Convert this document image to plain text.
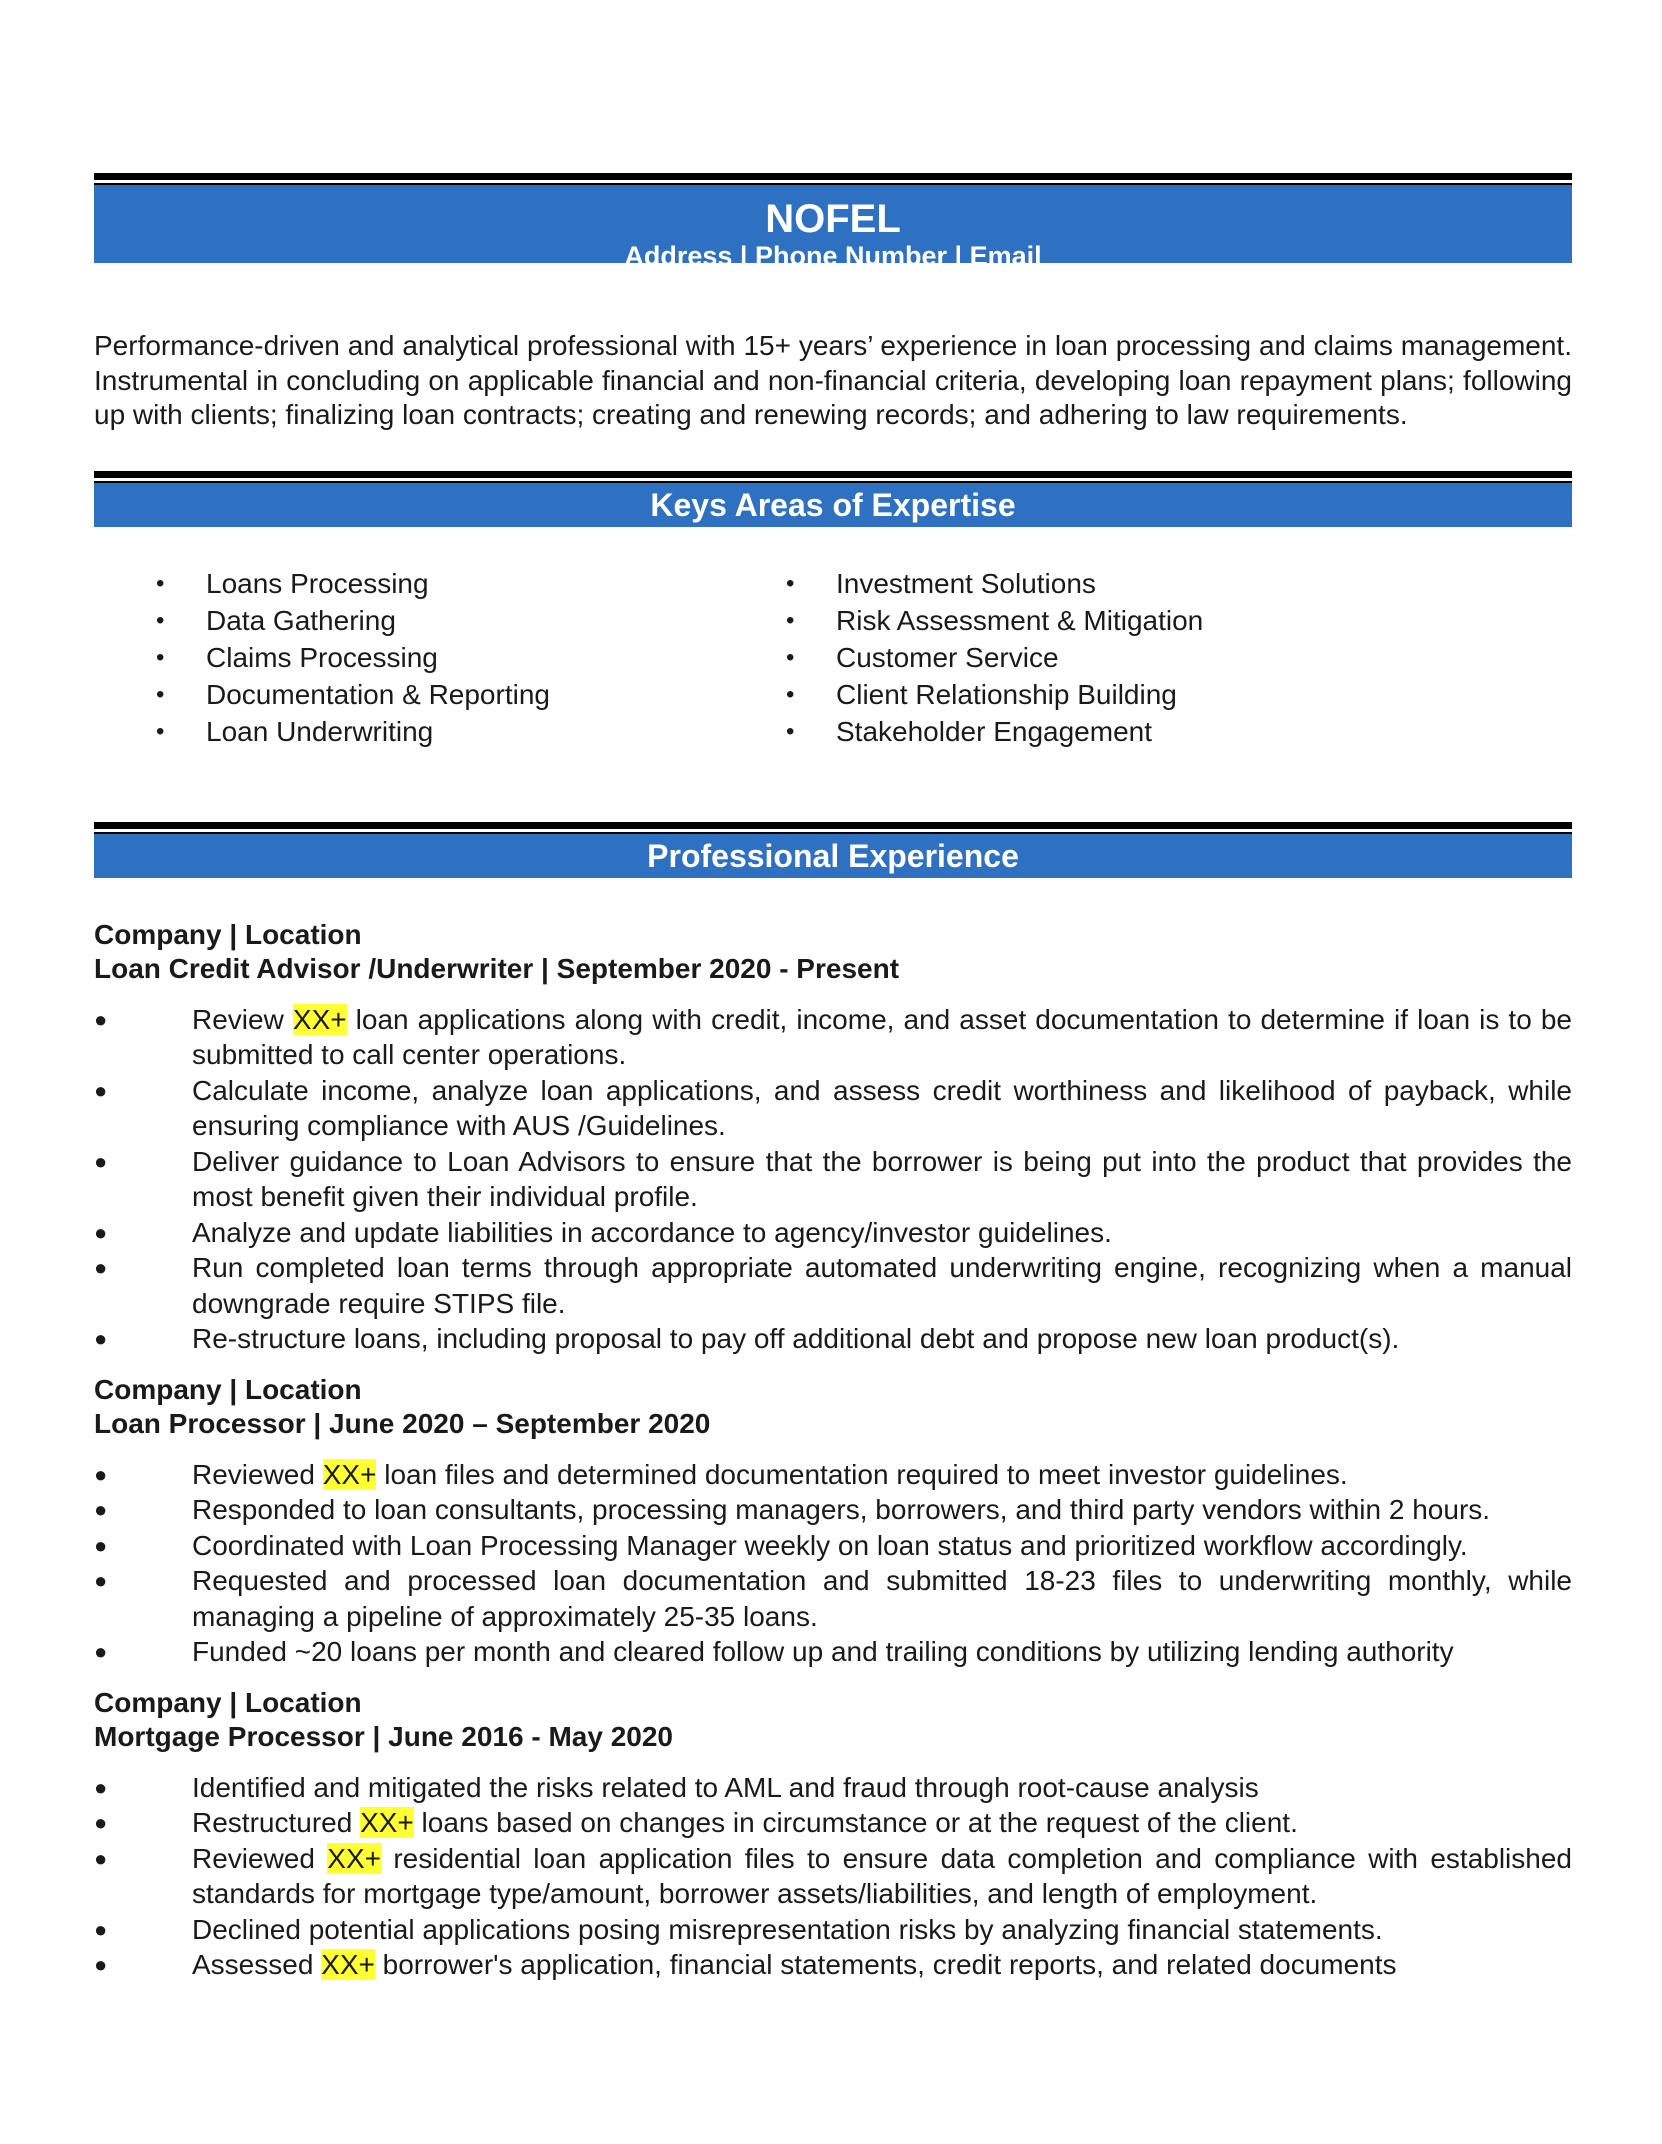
NOFEL
Address | Phone Number | Email
Performance-driven and analytical professional with 15+ years’ experience in loan processing and claims management. Instrumental in concluding on applicable financial and non-financial criteria, developing loan repayment plans; following up with clients; finalizing loan contracts; creating and renewing records; and adhering to law requirements.
Keys Areas of Expertise
• Loans Processing
• Data Gathering
• Claims Processing
• Documentation & Reporting
• Loan Underwriting
• Investment Solutions
• Risk Assessment & Mitigation
• Customer Service
• Client Relationship Building
• Stakeholder Engagement
Professional Experience
Company | Location
Loan Credit Advisor /Underwriter | September 2020 - Present
●	Review XX+ loan applications along with credit, income, and asset documentation to determine if loan is to be submitted to call center operations.
●	Calculate income, analyze loan applications, and assess credit worthiness and likelihood of payback, while ensuring compliance with AUS /Guidelines.
●	Deliver guidance to Loan Advisors to ensure that the borrower is being put into the product that provides the most benefit given their individual profile.
●	Analyze and update liabilities in accordance to agency/investor guidelines.
●	Run completed loan terms through appropriate automated underwriting engine, recognizing when a manual downgrade require STIPS file.
●	Re-structure loans, including proposal to pay off additional debt and propose new loan product(s).
Company | Location
Loan Processor | June 2020 – September 2020
●	Reviewed XX+ loan files and determined documentation required to meet investor guidelines.
●	Responded to loan consultants, processing managers, borrowers, and third party vendors within 2 hours.
●	Coordinated with Loan Processing Manager weekly on loan status and prioritized workflow accordingly.
●	Requested and processed loan documentation and submitted 18-23 files to underwriting monthly, while managing a pipeline of approximately 25-35 loans.
●	Funded ~20 loans per month and cleared follow up and trailing conditions by utilizing lending authority
Company | Location
Mortgage Processor | June 2016 - May 2020
●	Identified and mitigated the risks related to AML and fraud through root-cause analysis
●	Restructured XX+ loans based on changes in circumstance or at the request of the client.
●	Reviewed XX+ residential loan application files to ensure data completion and compliance with established standards for mortgage type/amount, borrower assets/liabilities, and length of employment.
●	Declined potential applications posing misrepresentation risks by analyzing financial statements.
●	Assessed XX+ borrower's application, financial statements, credit reports, and related documents
